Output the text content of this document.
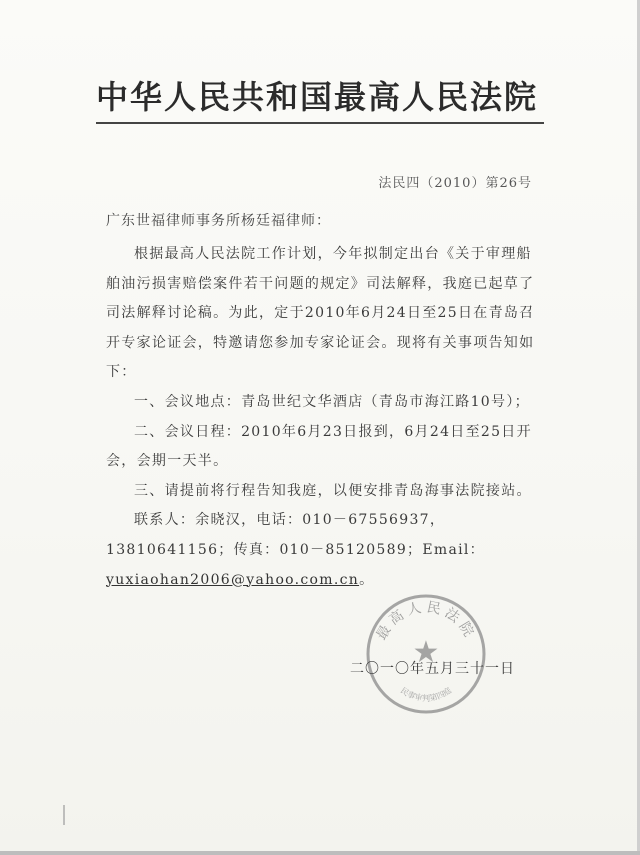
中华人民共和国最高人民法院
法民四（2010）第26号
广东世福律师事务所杨廷福律师：

根据最高人民法院工作计划，今年拟制定出台《关于审理船舶油污损害赔偿案件若干问题的规定》司法解释，我庭已起草了司法解释讨论稿。为此，定于2010年6月24日至25日在青岛召开专家论证会，特邀请您参加专家论证会。现将有关事项告知如下：

一、会议地点：青岛世纪文华酒店（青岛市海江路10号）；

二、会议日程：2010年6月23日报到，6月24日至25日开会，会期一天半。

三、请提前将行程告知我庭，以便安排青岛海事法院接站。

联系人：余晓汉，电话：010－67556937，13810641156；传真：010－85120589；Email：yuxiaohan2006@yahoo.com.cn。

最高人民法院
★
民事审判第四庭
二〇一〇年五月三十一日
